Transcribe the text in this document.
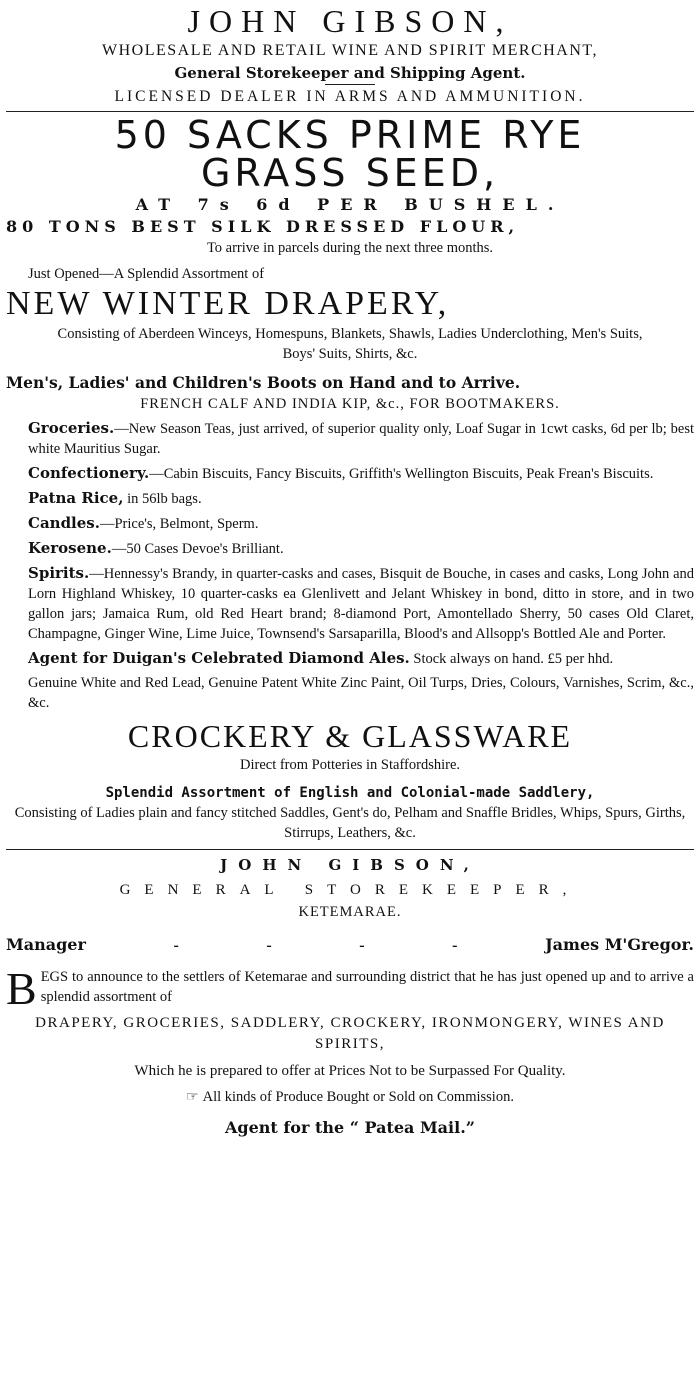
JOHN GIBSON,
WHOLESALE AND RETAIL WINE AND SPIRIT MERCHANT,
General Storekeeper and Shipping Agent.
LICENSED DEALER IN ARMS AND AMMUNITION.
50 SACKS PRIME RYE
GRASS SEED,
AT 7s 6d PER BUSHEL.
80 TONS BEST SILK DRESSED FLOUR,
To arrive in parcels during the next three months.
Just Opened—A Splendid Assortment of
NEW WINTER DRAPERY,
Consisting of Aberdeen Winceys, Homespuns, Blankets, Shawls, Ladies Underclothing, Men's Suits, Boys' Suits, Shirts, &c.
Men's, Ladies' and Children's Boots on Hand and to Arrive.
FRENCH CALF AND INDIA KIP, &c., FOR BOOTMAKERS.

Groceries.—New Season Teas, just arrived, of superior quality only, Loaf Sugar in 1cwt casks, 6d per lb; best white Mauritius Sugar.

Confectionery.—Cabin Biscuits, Fancy Biscuits, Griffith's Wellington Biscuits, Peak Frean's Biscuits.

Patna Rice, in 56lb bags.

Candles.—Price's, Belmont, Sperm.

Kerosene.—50 Cases Devoe's Brilliant.

Spirits.—Hennessy's Brandy, in quarter-casks and cases, Bisquit de Bouche, in cases and casks, Long John and Lorn Highland Whiskey, 10 quarter-casks ea Glenlivett and Jelant Whiskey in bond, ditto in store, and in two gallon jars; Jamaica Rum, old Red Heart brand; 8-diamond Port, Amontellado Sherry, 50 cases Old Claret, Champagne, Ginger Wine, Lime Juice, Townsend's Sarsaparilla, Blood's and Allsopp's Bottled Ale and Porter.

Agent for Duigan's Celebrated Diamond Ales. Stock always on hand. £5 per hhd.

Genuine White and Red Lead, Genuine Patent White Zinc Paint, Oil Turps, Dries, Colours, Varnishes, Scrim, &c., &c.

CROCKERY & GLASSWARE
Direct from Potteries in Staffordshire.
Splendid Assortment of English and Colonial-made Saddlery,
Consisting of Ladies plain and fancy stitched Saddles, Gent's do, Pelham and Snaffle Bridles, Whips, Spurs, Girths, Stirrups, Leathers, &c.
JOHN GIBSON,
GENERAL STOREKEEPER,
KETEMARAE.
Manager	-	-	-	-	James M'Gregor.
BEGS to announce to the settlers of Ketemarae and surrounding district that he has just opened up and to arrive a splendid assortment of
DRAPERY, GROCERIES, SADDLERY, CROCKERY, IRONMONGERY, WINES AND SPIRITS,
Which he is prepared to offer at Prices Not to be Surpassed For Quality.
☞ All kinds of Produce Bought or Sold on Commission.
Agent for the “ Patea Mail.”
